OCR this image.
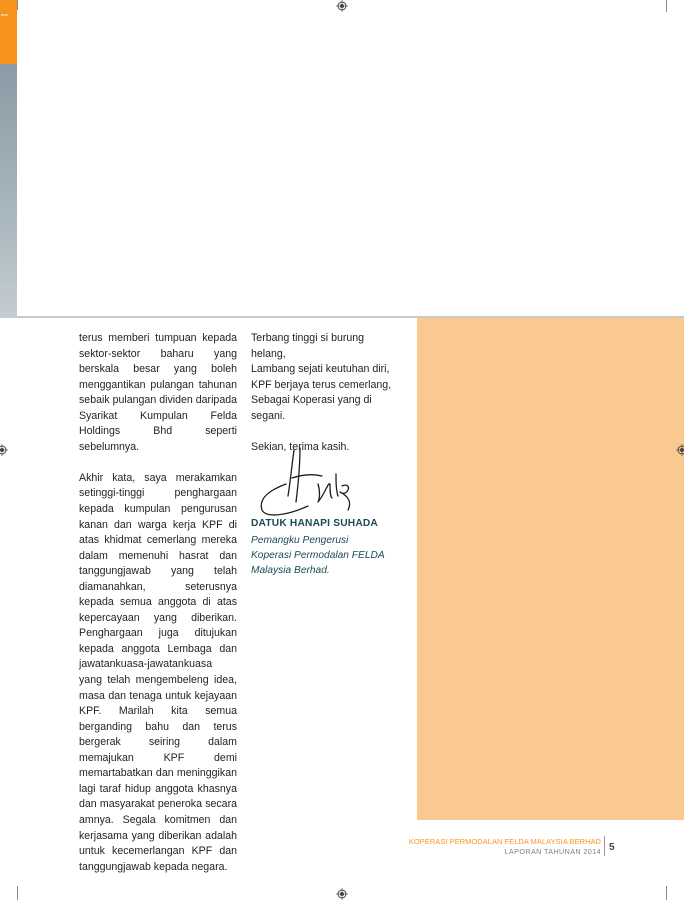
BMM

terus memberi tumpuan kepada sektor-sektor baharu yang berskala besar yang boleh menggantikan pulangan tahunan sebaik pulangan dividen daripada Syarikat Kumpulan Felda Holdings Bhd seperti sebelumnya.

Akhir kata, saya merakamkan setinggi-tinggi penghargaan kepada kumpulan pengurusan kanan dan warga kerja KPF di atas khidmat cemerlang mereka dalam memenuhi hasrat dan tanggungjawab yang telah diamanahkan, seterusnya kepada semua anggota di atas kepercayaan yang diberikan. Penghargaan juga ditujukan kepada anggota Lembaga dan jawatankuasa-jawatankuasa yang telah mengembeleng idea, masa dan tenaga untuk kejayaan KPF. Marilah kita semua berganding bahu dan terus bergerak seiring dalam memajukan KPF demi memartabatkan dan meninggikan lagi taraf hidup anggota khasnya dan masyarakat peneroka secara amnya. Segala komitmen dan kerjasama yang diberikan adalah untuk kecemerlangan KPF dan tanggungjawab kepada negara.

Terbang tinggi si burung helang,
Lambang sejati keutuhan diri,
KPF berjaya terus cemerlang,
Sebagai Koperasi yang di segani.

Sekian, terima kasih.

DATUK HANAPI SUHADA
Pemangku Pengerusi
Koperasi Permodalan FELDA
Malaysia Berhad.
KOPERASI PERMODALAN FELDA MALAYSIA BERHAD
LAPORAN TAHUNAN 2014 5
